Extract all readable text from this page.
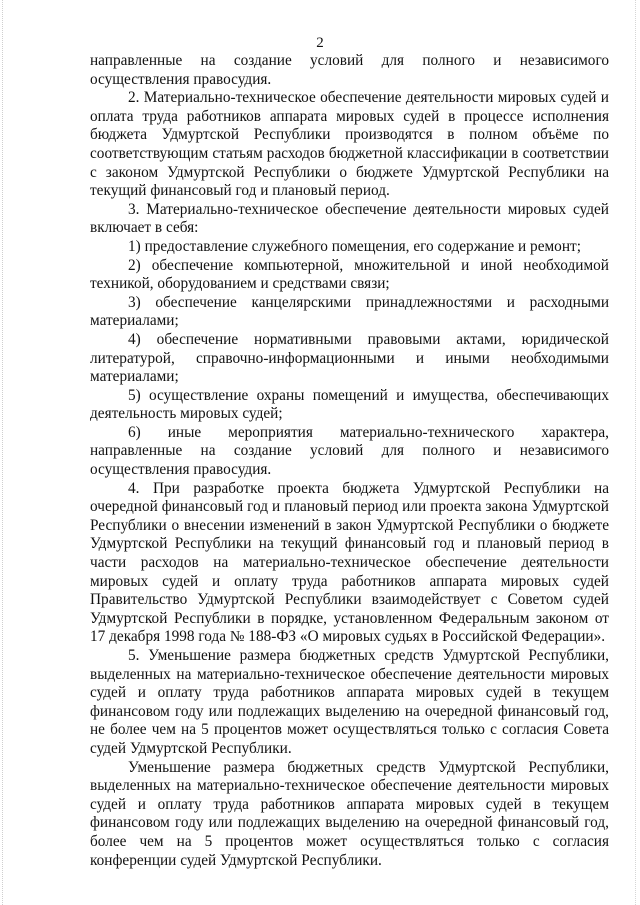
2

направленные на создание условий для полного и независимого осуществления правосудия.

2. Материально-техническое обеспечение деятельности мировых судей и оплата труда работников аппарата мировых судей в процессе исполнения бюджета Удмуртской Республики производятся в полном объёме по соответствующим статьям расходов бюджетной классификации в соответствии с законом Удмуртской Республики о бюджете Удмуртской Республики на текущий финансовый год и плановый период.

3. Материально-техническое обеспечение деятельности мировых судей включает в себя:

1) предоставление служебного помещения, его содержание и ремонт;

2) обеспечение компьютерной, множительной и иной необходимой техникой, оборудованием и средствами связи;

3) обеспечение канцелярскими принадлежностями и расходными материалами;

4) обеспечение нормативными правовыми актами, юридической литературой, справочно-информационными и иными необходимыми материалами;

5) осуществление охраны помещений и имущества, обеспечивающих деятельность мировых судей;

6) иные мероприятия материально-технического характера, направленные на создание условий для полного и независимого осуществления правосудия.

4. При разработке проекта бюджета Удмуртской Республики на очередной финансовый год и плановый период или проекта закона Удмуртской Республики о внесении изменений в закон Удмуртской Республики о бюджете Удмуртской Республики на текущий финансовый год и плановый период в части расходов на материально-техническое обеспечение деятельности мировых судей и оплату труда работников аппарата мировых судей Правительство Удмуртской Республики взаимодействует с Советом судей Удмуртской Республики в порядке, установленном Федеральным законом от 17 декабря 1998 года № 188-ФЗ «О мировых судьях в Российской Федерации».

5. Уменьшение размера бюджетных средств Удмуртской Республики, выделенных на материально-техническое обеспечение деятельности мировых судей и оплату труда работников аппарата мировых судей в текущем финансовом году или подлежащих выделению на очередной финансовый год, не более чем на 5 процентов может осуществляться только с согласия Совета судей Удмуртской Республики.

Уменьшение размера бюджетных средств Удмуртской Республики, выделенных на материально-техническое обеспечение деятельности мировых судей и оплату труда работников аппарата мировых судей в текущем финансовом году или подлежащих выделению на очередной финансовый год, более чем на 5 процентов может осуществляться только с согласия конференции судей Удмуртской Республики.
